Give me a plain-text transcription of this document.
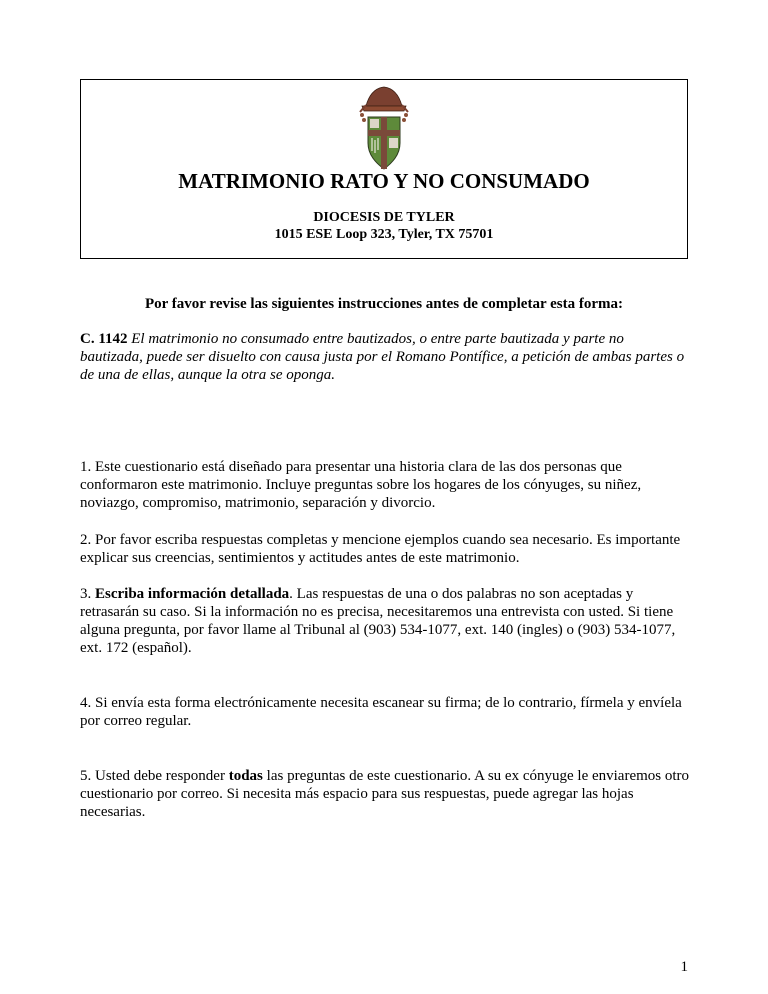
MATRIMONIO RATO Y NO CONSUMADO

DIOCESIS DE TYLER

1015 ESE Loop 323, Tyler, TX 75701

Por favor revise las siguientes instrucciones antes de completar esta forma:

C. 1142 El matrimonio no consumado entre bautizados, o entre parte bautizada y parte no bautizada, puede ser disuelto con causa justa por el Romano Pontífice, a petición de ambas partes o de una de ellas, aunque la otra se oponga.

1. Este cuestionario está diseñado para presentar una historia clara de las dos personas que conformaron este matrimonio. Incluye preguntas sobre los hogares de los cónyuges, su niñez, noviazgo, compromiso, matrimonio, separación y divorcio.

2. Por favor escriba respuestas completas y mencione ejemplos cuando sea necesario. Es importante explicar sus creencias, sentimientos y actitudes antes de este matrimonio.

3. Escriba información detallada. Las respuestas de una o dos palabras no son aceptadas y retrasarán su caso. Si la información no es precisa, necesitaremos una entrevista con usted. Si tiene alguna pregunta, por favor llame al Tribunal al (903) 534-1077, ext. 140 (ingles) o (903) 534-1077, ext. 172 (español).

4. Si envía esta forma electrónicamente necesita escanear su firma; de lo contrario, fírmela y envíela por correo regular.

5. Usted debe responder todas las preguntas de este cuestionario. A su ex cónyuge le enviaremos otro cuestionario por correo. Si necesita más espacio para sus respuestas, puede agregar las hojas necesarias.

1
